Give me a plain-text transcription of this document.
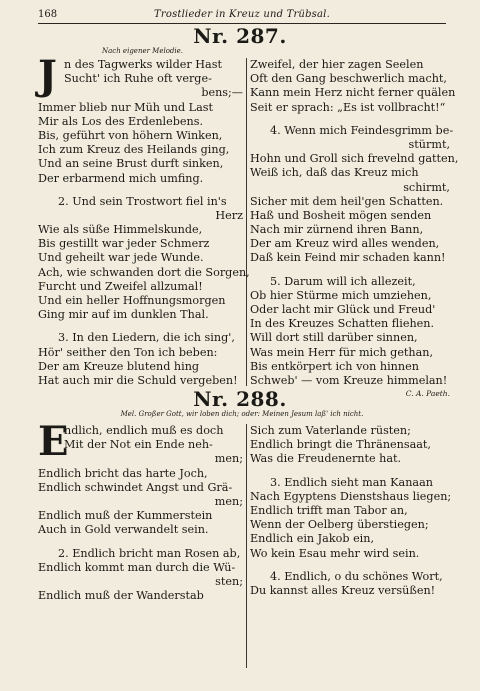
168	Trostlieder in Kreuz und Trübsal.
Nr. 287.
Nach eigener Melodie.
J n des Tagwerks wilder Hast
Sucht' ich Ruhe oft verge-
bens;—
Immer blieb nur Müh und Last
Mir als Los des Erdenlebens.
Bis, geführt von höhern Winken,
Ich zum Kreuz des Heilands ging,
Und an seine Brust durft sinken,
Der erbarmend mich umfing.
2. Und sein Trostwort fiel in's
Herz
Wie als süße Himmelskunde,
Bis gestillt war jeder Schmerz
Und geheilt war jede Wunde.
Ach, wie schwanden dort die Sorgen,
Furcht und Zweifel allzumal!
Und ein heller Hoffnungsmorgen
Ging mir auf im dunklen Thal.
3. In den Liedern, die ich sing',
Hör' seither den Ton ich beben:
Der am Kreuze blutend hing
Hat auch mir die Schuld vergeben!
Zweifel, der hier zagen Seelen
Oft den Gang beschwerlich macht,
Kann mein Herz nicht ferner quälen
Seit er sprach: „Es ist vollbracht!“
4. Wenn mich Feindesgrimm be-
stürmt,
Hohn und Groll sich frevelnd gatten,
Weiß ich, daß das Kreuz mich
schirmt,
Sicher mit dem heil'gen Schatten.
Haß und Bosheit mögen senden
Nach mir zürnend ihren Bann,
Der am Kreuz wird alles wenden,
Daß kein Feind mir schaden kann!
5. Darum will ich allezeit,
Ob hier Stürme mich umziehen,
Oder lacht mir Glück und Freud'
In des Kreuzes Schatten fliehen.
Will dort still darüber sinnen,
Was mein Herr für mich gethan,
Bis entkörpert ich von hinnen
Schweb' — vom Kreuze himmelan!
C. A. Paeth.
Nr. 288.
Mel. Großer Gott, wir loben dich; oder: Meinen Jesum laß' ich nicht.
E
ndlich, endlich muß es doch
Mit der Not ein Ende neh-
men;
Endlich bricht das harte Joch,
Endlich schwindet Angst und Grä-
men;
Endlich muß der Kummerstein
Auch in Gold verwandelt sein.
2. Endlich bricht man Rosen ab,
Endlich kommt man durch die Wü-
sten;
Endlich muß der Wanderstab
Sich zum Vaterlande rüsten;
Endlich bringt die Thränensaat,
Was die Freudenernte hat.
3. Endlich sieht man Kanaan
Nach Egyptens Dienstshaus liegen;
Endlich trifft man Tabor an,
Wenn der Oelberg überstiegen;
Endlich ein Jakob ein,
Wo kein Esau mehr wird sein.
4. Endlich, o du schönes Wort,
Du kannst alles Kreuz versüßen!
